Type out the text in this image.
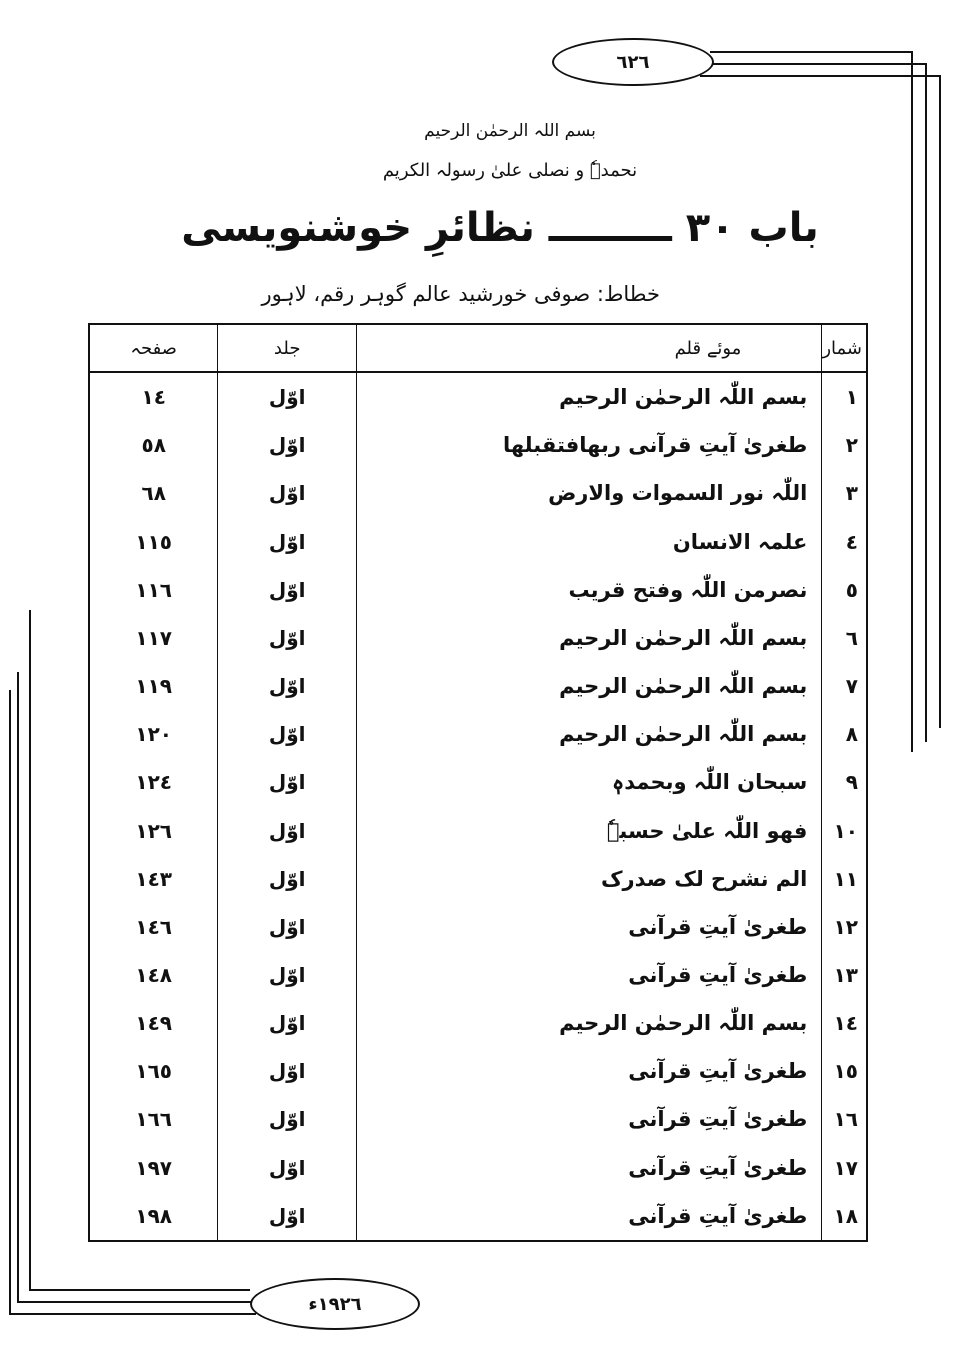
٦٢٦
١٩٢٦ء
بسم اللہ الرحمٰن الرحیم
نحمدہٗ و نصلی علیٰ رسولہ الکریم
باب ۳۰ ـــــــــ نظائرِ خوشنویسی
خطاط: صوفی خورشید عالم گوہر رقم، لاہور
شمار	موئے قلم	جلد	صفحہ
١	بسم اللّٰہ الرحمٰن الرحیم	اوّل	١٤
٢	طغریٰ آیتِ قرآنی ربھافتقبلھا	اوّل	٥٨
٣	اللّٰہ نور السموات والارض	اوّل	٦٨
٤	علمہ الانسان	اوّل	١١٥
٥	نصرمن اللّٰہ وفتح قریب	اوّل	١١٦
٦	بسم اللّٰہ الرحمٰن الرحیم	اوّل	١١٧
٧	بسم اللّٰہ الرحمٰن الرحیم	اوّل	١١٩
٨	بسم اللّٰہ الرحمٰن الرحیم	اوّل	١٢٠
٩	سبحان اللّٰہ وبحمدہٖ	اوّل	١٢٤
١٠	فھو اللّٰہ علیٰ حسبہٗ	اوّل	١٢٦
١١	الم نشرح لک صدرک	اوّل	١٤٣
١٢	طغریٰ آیتِ قرآنی	اوّل	١٤٦
١٣	طغریٰ آیتِ قرآنی	اوّل	١٤٨
١٤	بسم اللّٰہ الرحمٰن الرحیم	اوّل	١٤٩
١٥	طغریٰ آیتِ قرآنی	اوّل	١٦٥
١٦	طغریٰ آیتِ قرآنی	اوّل	١٦٦
١٧	طغریٰ آیتِ قرآنی	اوّل	١٩٧
١٨	طغریٰ آیتِ قرآنی	اوّل	١٩٨
